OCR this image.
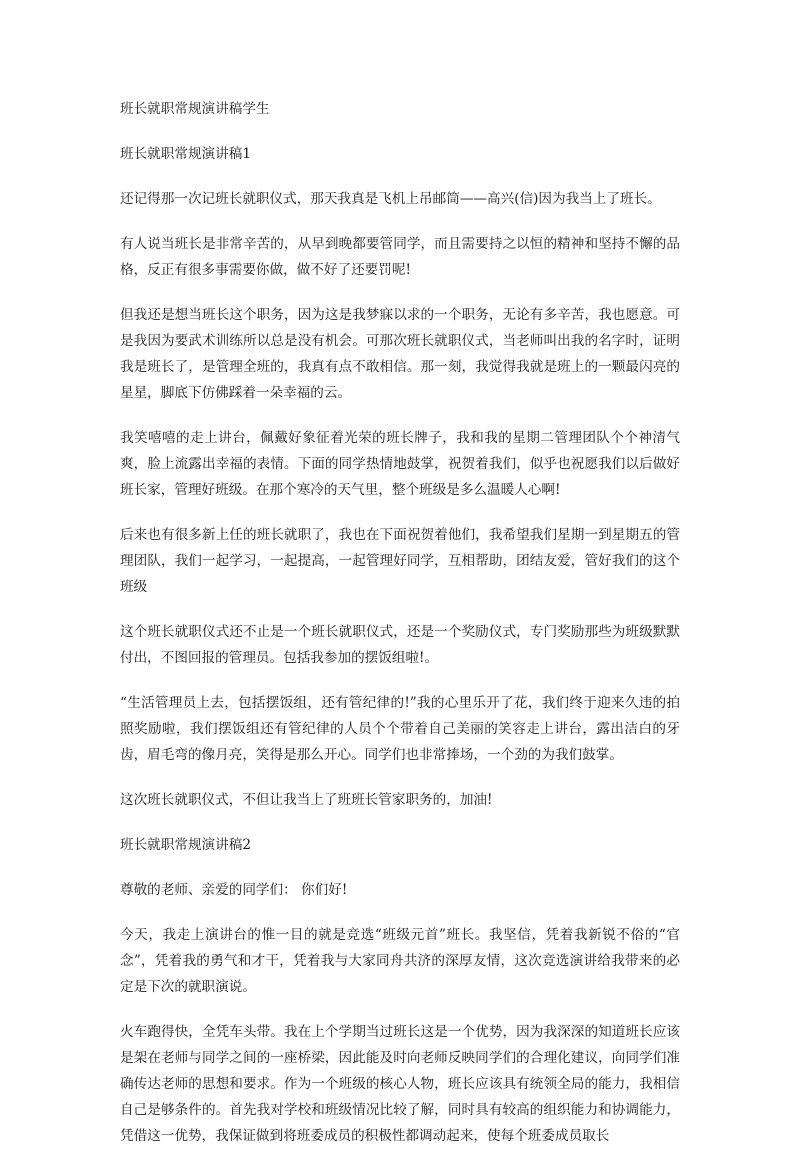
班长就职常规演讲稿学生

班长就职常规演讲稿1

还记得那一次记班长就职仪式，那天我真是飞机上吊邮筒——高兴(信)因为我当上了班长。

有人说当班长是非常辛苦的，从早到晚都要管同学，而且需要持之以恒的精神和坚持不懈的品格，反正有很多事需要你做，做不好了还要罚呢!

但我还是想当班长这个职务，因为这是我梦寐以求的一个职务，无论有多辛苦，我也愿意。可是我因为要武术训练所以总是没有机会。可那次班长就职仪式，当老师叫出我的名字时，证明我是班长了，是管理全班的，我真有点不敢相信。那一刻，我觉得我就是班上的一颗最闪亮的星星，脚底下仿佛踩着一朵幸福的云。

我笑嘻嘻的走上讲台，佩戴好象征着光荣的班长牌子，我和我的星期二管理团队个个神清气爽，脸上流露出幸福的表情。下面的同学热情地鼓掌，祝贺着我们，似乎也祝愿我们以后做好班长家，管理好班级。在那个寒冷的天气里，整个班级是多么温暖人心啊!

后来也有很多新上任的班长就职了，我也在下面祝贺着他们，我希望我们星期一到星期五的管理团队，我们一起学习，一起提高，一起管理好同学，互相帮助，团结友爱，管好我们的这个班级

这个班长就职仪式还不止是一个班长就职仪式，还是一个奖励仪式，专门奖励那些为班级默默付出，不图回报的管理员。包括我参加的摆饭组啦!。

“生活管理员上去，包括摆饭组，还有管纪律的!”我的心里乐开了花，我们终于迎来久违的拍照奖励啦，我们摆饭组还有管纪律的人员个个带着自己美丽的笑容走上讲台，露出洁白的牙齿，眉毛弯的像月亮，笑得是那么开心。同学们也非常捧场，一个劲的为我们鼓掌。

这次班长就职仪式，不但让我当上了班班长管家职务的，加油!

班长就职常规演讲稿2

尊敬的老师、亲爱的同学们： 你们好!

今天，我走上演讲台的惟一目的就是竞选“班级元首”班长。我坚信，凭着我新锐不俗的“官念”，凭着我的勇气和才干，凭着我与大家同舟共济的深厚友情，这次竞选演讲给我带来的必定是下次的就职演说。

火车跑得快，全凭车头带。我在上个学期当过班长这是一个优势，因为我深深的知道班长应该是架在老师与同学之间的一座桥梁，因此能及时向老师反映同学们的合理化建议，向同学们准确传达老师的思想和要求。作为一个班级的核心人物，班长应该具有统领全局的能力，我相信自己是够条件的。首先我对学校和班级情况比较了解，同时具有较高的组织能力和协调能力，凭借这一优势，我保证做到将班委成员的积极性都调动起来，使每个班委成员取长
